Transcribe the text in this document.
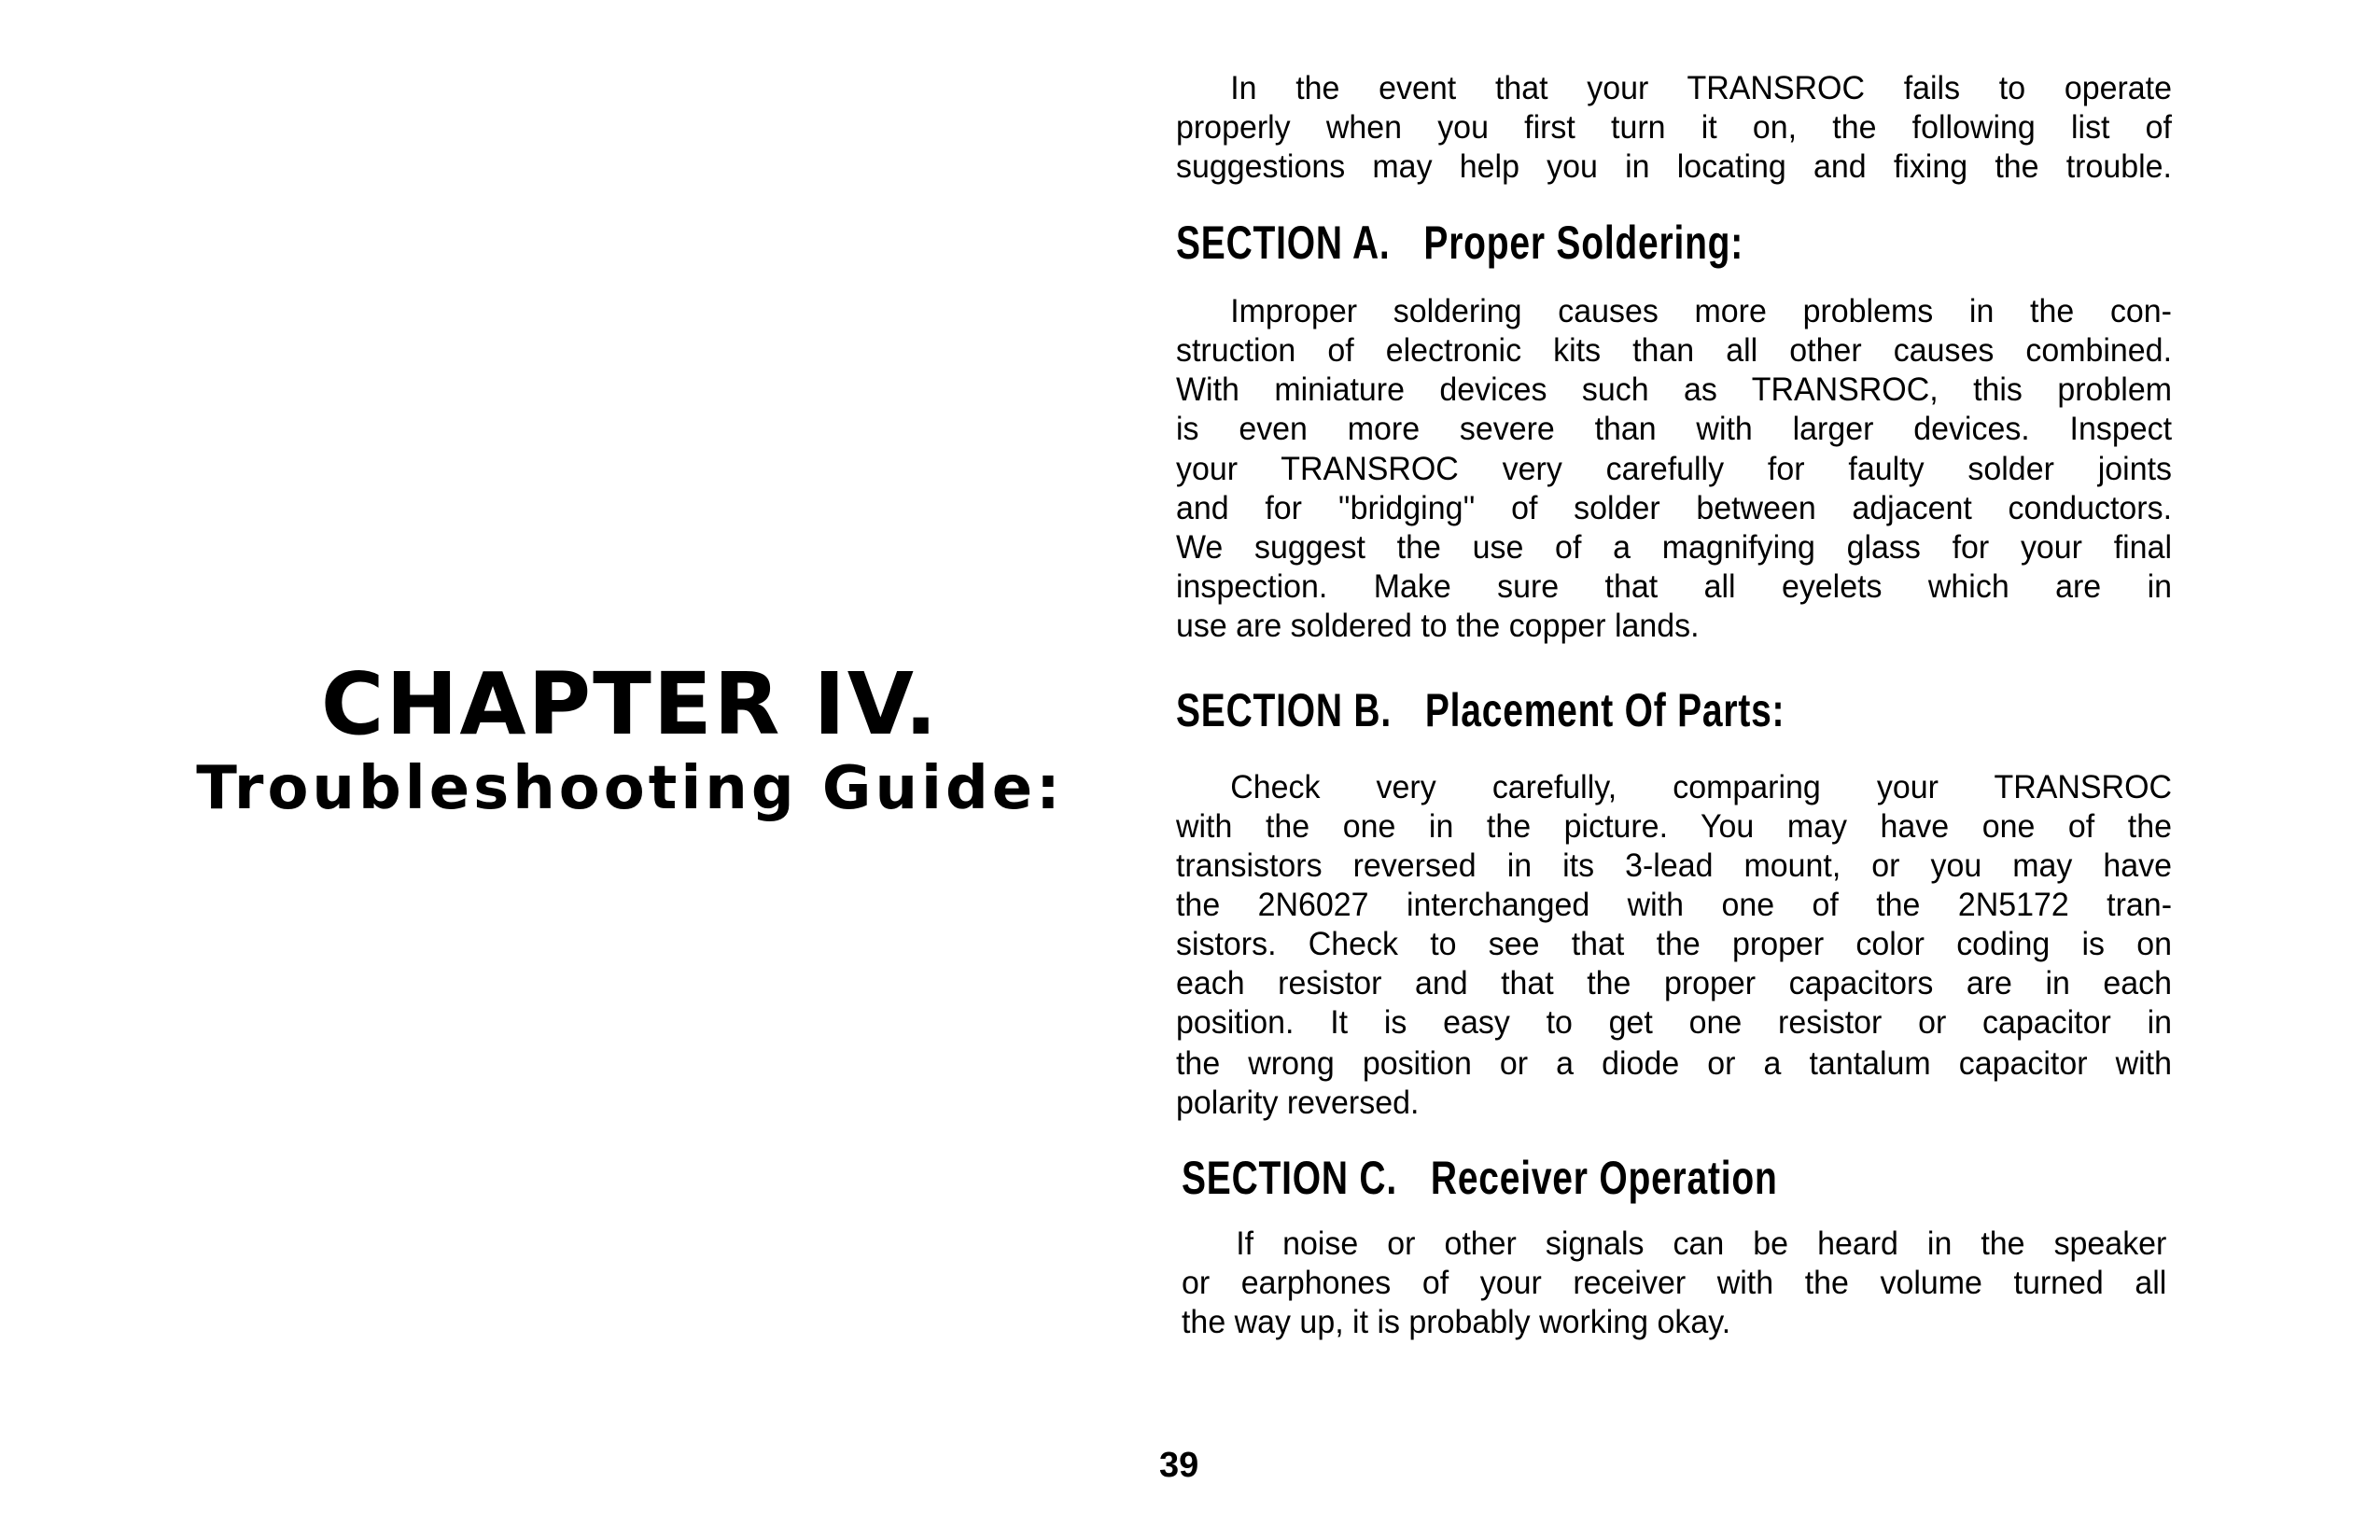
CHAPTER IV.
Troubleshooting Guide:
In the event that your TRANSROC fails to operate
properly when you first turn it on, the following list of
suggestions may help you in locating and fixing the trouble.
SECTION A. Proper Soldering:
Improper soldering causes more problems in the con-
struction of electronic kits than all other causes combined.
With miniature devices such as TRANSROC, this problem
is even more severe than with larger devices. Inspect
your TRANSROC very carefully for faulty solder joints
and for ''bridging'' of solder between adjacent conductors.
We suggest the use of a magnifying glass for your final
inspection. Make sure that all eyelets which are in
use are soldered to the copper lands.
SECTION B. Placement Of Parts:
Check very carefully, comparing your TRANSROC
with the one in the picture. You may have one of the
transistors reversed in its 3-lead mount, or you may have
the 2N6027 interchanged with one of the 2N5172 tran-
sistors. Check to see that the proper color coding is on
each resistor and that the proper capacitors are in each
position. It is easy to get one resistor or capacitor in
the wrong position or a diode or a tantalum capacitor with
polarity reversed.
SECTION C. Receiver Operation
If noise or other signals can be heard in the speaker
or earphones of your receiver with the volume turned all
the way up, it is probably working okay.
39
